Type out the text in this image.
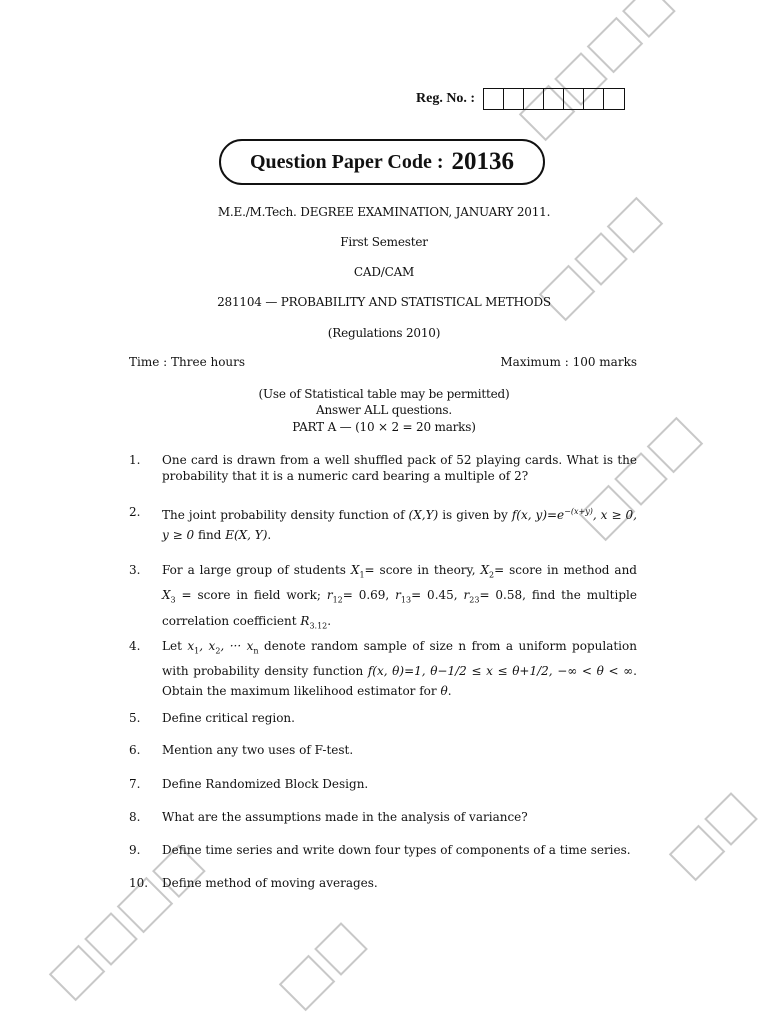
Reg. No. :
Question Paper Code : 20136
M.E./M.Tech. DEGREE EXAMINATION, JANUARY 2011.
First Semester
CAD/CAM
281104 — PROBABILITY AND STATISTICAL METHODS
(Regulations 2010)
Time : Three hours	Maximum : 100 marks
(Use of Statistical table may be permitted)
Answer ALL questions.
PART A — (10 × 2 = 20 marks)
1.	One card is drawn from a well shuffled pack of 52 playing cards. What is the probability that it is a numeric card bearing a multiple of 2?
2.	The joint probability density function of (X,Y) is given by f(x, $y)=e^{-(x+y)}$, x ≥ 0, y ≥ 0 find E(X, Y).
3.	For a large group of students $X_1=$ score in theory, $X_2=$ score in method and $X_3$ = score in field work; $r_{12}= 0.69$, $r_{13}= 0.45$, $r_{23}= 0.58$, find the multiple correlation coefficient $R_{3.12}$.
4.	Let $x_1$, $x_2$, ··· $x_n$ denote random sample of size n from a uniform population with probability density function f(x, θ)=1, θ−1/2 ≤ x ≤ θ+1/2, −∞ < θ < ∞. Obtain the maximum likelihood estimator for θ.
5.	Define critical region.
6.	Mention any two uses of F-test.
7.	Define Randomized Block Design.
8.	What are the assumptions made in the analysis of variance?
9.	Define time series and write down four types of components of a time series.
10.	Define method of moving averages.
